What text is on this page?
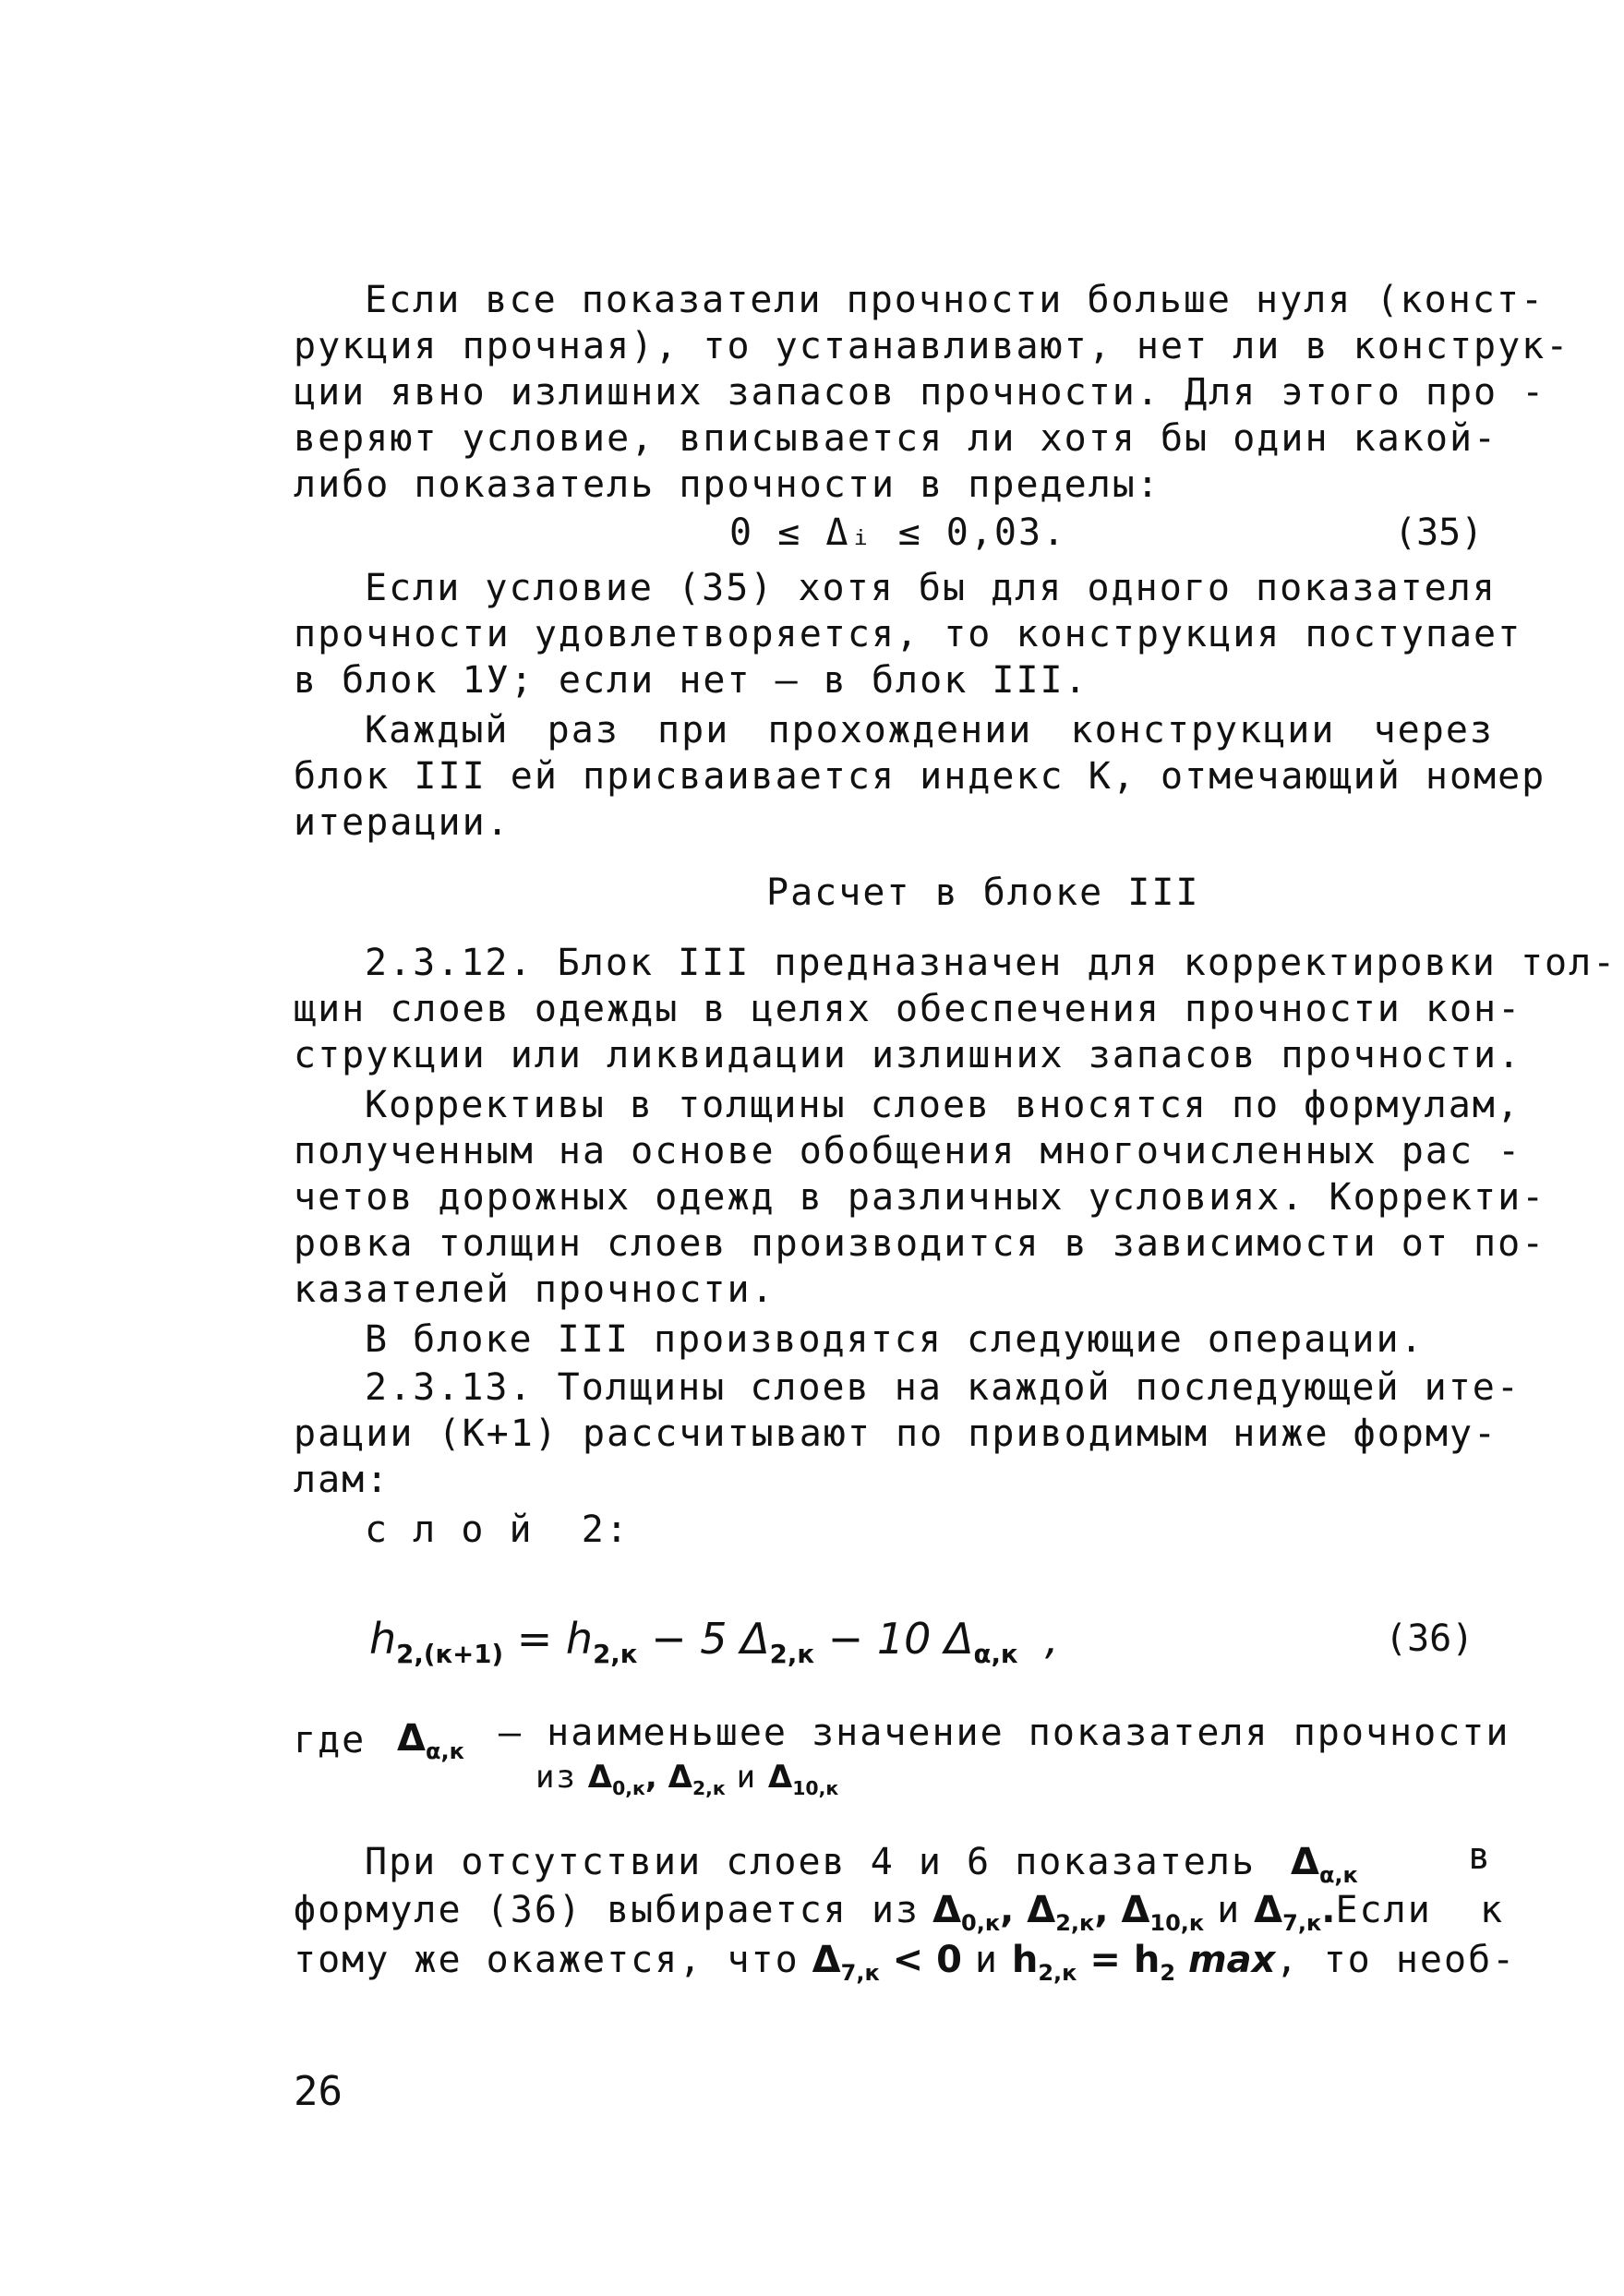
Если все показатели прочности больше нуля (конст-
рукция прочная), то устанавливают, нет ли в конструк-
ции явно излишних запасов прочности. Для этого про -
веряют условие, вписывается ли хотя бы один какой-
либо показатель прочности в пределы:
0 ≤ Δᵢ ≤ 0,03.	(35)
Если условие (35) хотя бы для одного показателя
прочности удовлетворяется, то конструкция поступает
в блок 1У; если нет – в блок III.
Каждый раз при прохождении конструкции через
блок III ей присваивается индекс K, отмечающий номер
итерации.
Расчет в блоке III
2.3.12. Блок III предназначен для корректировки тол-
щин слоев одежды в целях обеспечения прочности кон-
струкции или ликвидации излишних запасов прочности.
Коррективы в толщины слоев вносятся по формулам,
полученным на основе обобщения многочисленных рас -
четов дорожных одежд в различных условиях. Корректи-
ровка толщин слоев производится в зависимости от по-
казателей прочности.
В блоке III производятся следующие операции.
2.3.13. Толщины слоев на каждой последующей ите-
рации (K+1) рассчитывают по приводимым ниже форму-
лам:
с л о й  2:
$h_{2,(к+1)} = h_{2,к} - 5$ $\Delta_{2,к} - 10$ $\Delta_{\alpha,к}$  ,	(36)
где $\Delta_{\alpha,к}$ – наименьшее значение показателя прочности
из $\Delta_{0,к}$, $\Delta_{2,к}$ и $\Delta_{10,к}$
При отсутствии слоев 4 и 6 показатель $\Delta_{\alpha,к}$	в
формуле (36) выбирается из $\Delta_{0,к}$, $\Delta_{2,к}$, $\Delta_{10,к}$ и $\Delta_{7,к}.Если$  к
тому же окажется, что $\Delta_{7,к} < 0$ и $h_{2,к} = h_2$ max, то необ-
26
